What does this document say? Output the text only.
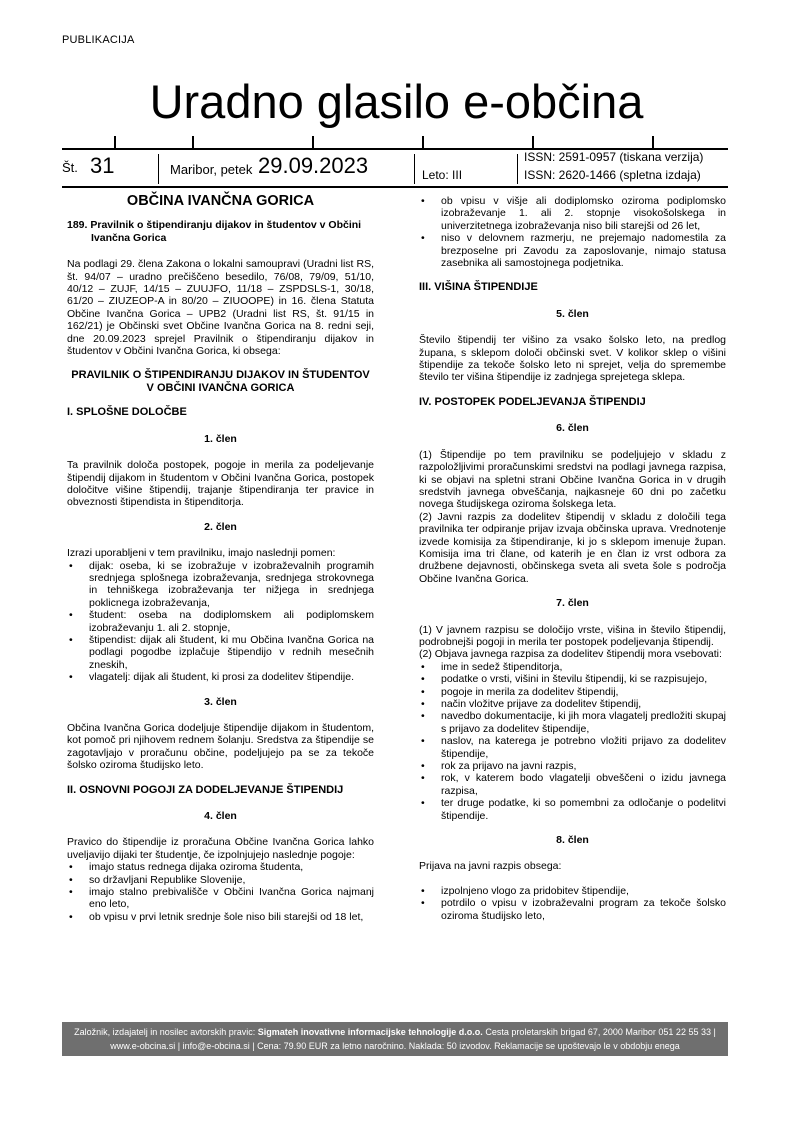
PUBLIKACIJA
Uradno glasilo e-občina
Št. 31	Maribor, petek 29.09.2023	Leto: III
ISSN: 2591-0957 (tiskana verzija)
ISSN: 2620-1466 (spletna izdaja)
OBČINA IVANČNA GORICA
189. Pravilnik o štipendiranju dijakov in študentov v Občini Ivančna Gorica

Na podlagi 29. člena Zakona o lokalni samoupravi (Uradni list RS, št. 94/07 – uradno prečiščeno besedilo, 76/08, 79/09, 51/10, 40/12 – ZUJF, 14/15 – ZUUJFO, 11/18 – ZSPDSLS-1, 30/18, 61/20 – ZIUZEOP-A in 80/20 – ZIUOOPE) in 16. člena Statuta Občine Ivančna Gorica – UPB2 (Uradni list RS, št. 91/15 in 162/21) je Občinski svet Občine Ivančna Gorica na 8. redni seji, dne 20.09.2023 sprejel Pravilnik o štipendiranju dijakov in študentov v Občini Ivančna Gorica, ki obsega:

PRAVILNIK O ŠTIPENDIRANJU DIJAKOV IN ŠTUDENTOV V OBČINI IVANČNA GORICA
I. SPLOŠNE DOLOČBE
1. člen

Ta pravilnik določa postopek, pogoje in merila za podeljevanje štipendij dijakom in študentom v Občini Ivančna Gorica, postopek določitve višine štipendij, trajanje štipendiranja ter pravice in obveznosti štipendista in štipenditorja.

2. člen

Izrazi uporabljeni v tem pravilniku, imajo naslednji pomen:

• dijak: oseba, ki se izobražuje v izobraževalnih programih srednjega splošnega izobraževanja, srednjega strokovnega in tehniškega izobraževanja ter nižjega in srednjega poklicnega izobraževanja,
• študent: oseba na dodiplomskem ali podiplomskem izobraževanju 1. ali 2. stopnje,
• štipendist: dijak ali študent, ki mu Občina Ivančna Gorica na podlagi pogodbe izplačuje štipendijo v rednih mesečnih zneskih,
• vlagatelj: dijak ali študent, ki prosi za dodelitev štipendije.
3. člen

Občina Ivančna Gorica dodeljuje štipendije dijakom in študentom, kot pomoč pri njihovem rednem šolanju. Sredstva za štipendije se zagotavljajo v proračunu občine, podeljujejo pa se za tekoče šolsko oziroma študijsko leto.

II. OSNOVNI POGOJI ZA DODELJEVANJE ŠTIPENDIJ
4. člen

Pravico do štipendije iz proračuna Občine Ivančna Gorica lahko uveljavijo dijaki ter študentje, če izpolnjujejo naslednje pogoje:

• imajo status rednega dijaka oziroma študenta,
• so državljani Republike Slovenije,
• imajo stalno prebivališče v Občini Ivančna Gorica najmanj eno leto,
• ob vpisu v prvi letnik srednje šole niso bili starejši od 18 let,
• ob vpisu v višje ali dodiplomsko oziroma podiplomsko izobraževanje 1. ali 2. stopnje visokošolskega in univerzitetnega izobraževanja niso bili starejši od 26 let,
• niso v delovnem razmerju, ne prejemajo nadomestila za brezposelne pri Zavodu za zaposlovanje, nimajo statusa zasebnika ali samostojnega podjetnika.
III. VIŠINA ŠTIPENDIJE
5. člen

Število štipendij ter višino za vsako šolsko leto, na predlog župana, s sklepom določi občinski svet. V kolikor sklep o višini štipendije za tekoče šolsko leto ni sprejet, velja do spremembe število ter višina štipendije iz zadnjega sprejetega sklepa.

IV. POSTOPEK PODELJEVANJA ŠTIPENDIJ
6. člen

(1) Štipendije po tem pravilniku se podeljujejo v skladu z razpoložljivimi proračunskimi sredstvi na podlagi javnega razpisa, ki se objavi na spletni strani Občine Ivančna Gorica in v drugih sredstvih javnega obveščanja, najkasneje 60 dni po začetku novega študijskega oziroma šolskega leta.

(2) Javni razpis za dodelitev štipendij v skladu z določili tega pravilnika ter odpiranje prijav izvaja občinska uprava. Vrednotenje izvede komisija za štipendiranje, ki jo s sklepom imenuje župan. Komisija ima tri člane, od katerih je en član iz vrst odbora za družbene dejavnosti, občinskega sveta ali sveta šole s področja Občine Ivančna Gorica.

7. člen

(1) V javnem razpisu se določijo vrste, višina in število štipendij, podrobnejši pogoji in merila ter postopek podeljevanja štipendij.

(2) Objava javnega razpisa za dodelitev štipendij mora vsebovati:

• ime in sedež štipenditorja,
• podatke o vrsti, višini in številu štipendij, ki se razpisujejo,
• pogoje in merila za dodelitev štipendij,
• način vložitve prijave za dodelitev štipendij,
• navedbo dokumentacije, ki jih mora vlagatelj predložiti skupaj s prijavo za dodelitev štipendije,
• naslov, na katerega je potrebno vložiti prijavo za dodelitev štipendije,
• rok za prijavo na javni razpis,
• rok, v katerem bodo vlagatelji obveščeni o izidu javnega razpisa,
• ter druge podatke, ki so pomembni za odločanje o podelitvi štipendije.
8. člen

Prijava na javni razpis obsega:

• izpolnjeno vlogo za pridobitev štipendije,
• potrdilo o vpisu v izobraževalni program za tekoče šolsko oziroma študijsko leto,
Založnik, izdajatelj in nosilec avtorskih pravic: Sigmateh inovativne informacijske tehnologije d.o.o. Cesta proletarskih brigad 67, 2000 Maribor 051 22 55 33 | www.e-obcina.si | info@e-obcina.si | Cena: 79.90 EUR za letno naročnino. Naklada: 50 izvodov. Reklamacije se upoštevajo le v obdobju enega
